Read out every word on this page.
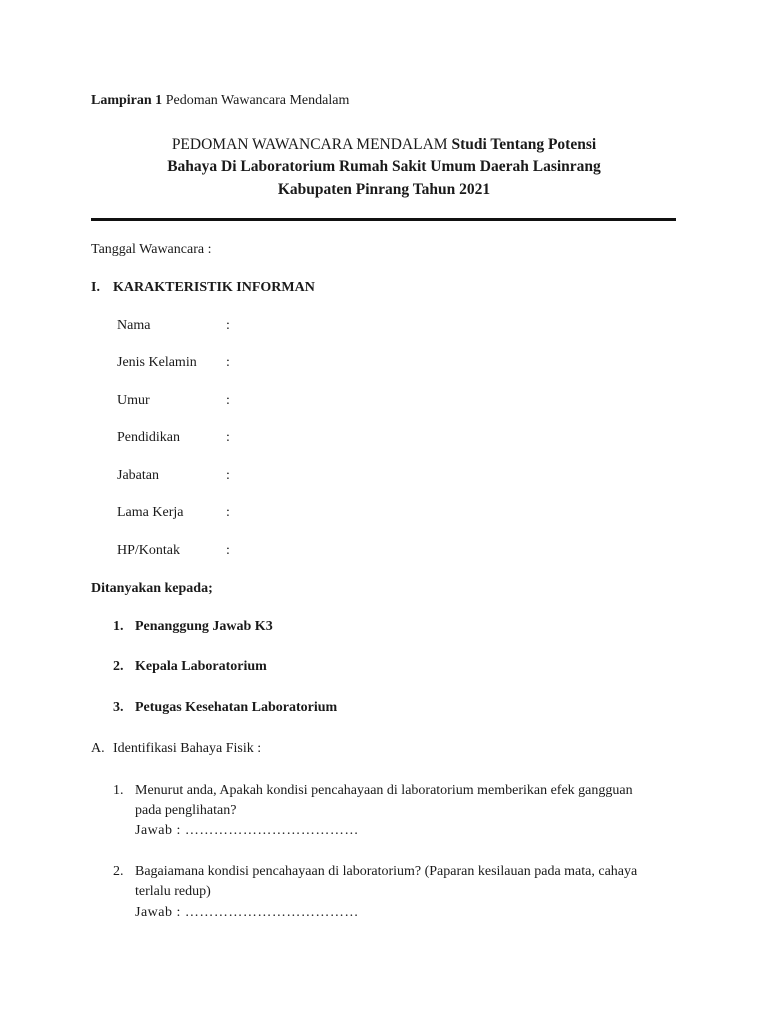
Lampiran 1 Pedoman Wawancara Mendalam
PEDOMAN WAWANCARA MENDALAM Studi Tentang Potensi
Bahaya Di Laboratorium Rumah Sakit Umum Daerah Lasinrang
Kabupaten Pinrang Tahun 2021
Tanggal Wawancara :
I. KARAKTERISTIK INFORMAN
Nama	:
Jenis Kelamin :
Umur	:
Pendidikan	:
Jabatan	:
Lama Kerja	:
HP/Kontak	:
Ditanyakan kepada;
1. Penanggung Jawab K3
2. Kepala Laboratorium
3. Petugas Kesehatan Laboratorium
A. Identifikasi Bahaya Fisik :
1. Menurut anda, Apakah kondisi pencahayaan di laboratorium memberikan efek gangguan
pada penglihatan?
Jawab : ………………………………
2. Bagaiamana kondisi pencahayaan di laboratorium? (Paparan kesilauan pada mata, cahaya
terlalu redup)
Jawab : ………………………………
